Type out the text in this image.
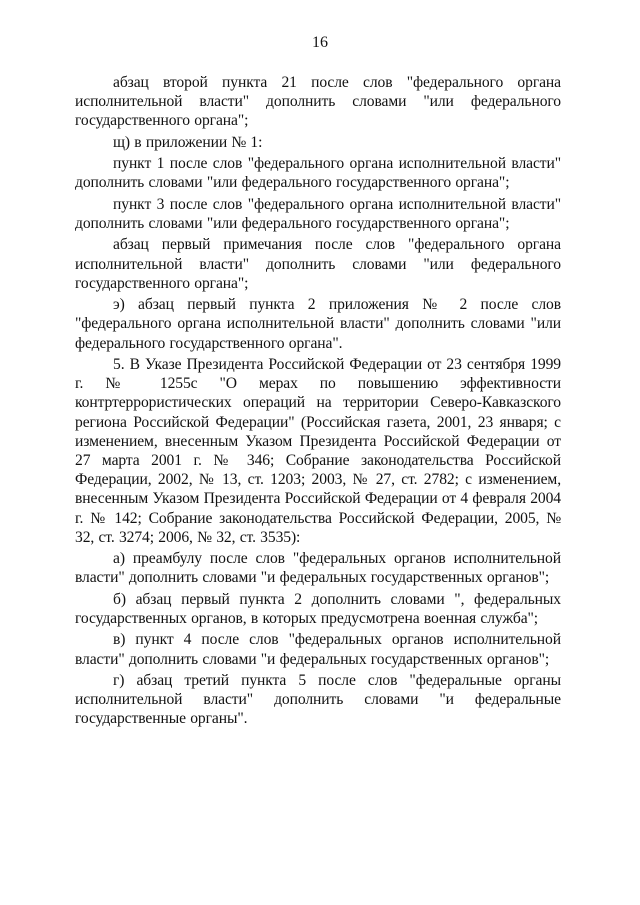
16

абзац второй пункта 21 после слов "федерального органа исполнительной власти" дополнить словами "или федерального государственного органа";

щ) в приложении № 1:

пункт 1 после слов "федерального органа исполнительной власти" дополнить словами "или федерального государственного органа";

пункт 3 после слов "федерального органа исполнительной власти" дополнить словами "или федерального государственного органа";

абзац первый примечания после слов "федерального органа исполнительной власти" дополнить словами "или федерального государственного органа";

э) абзац первый пункта 2 приложения № 2 после слов "федерального органа исполнительной власти" дополнить словами "или федерального государственного органа".

5. В Указе Президента Российской Федерации от 23 сентября 1999 г. № 1255с "О мерах по повышению эффективности контртеррористических операций на территории Северо-Кавказского региона Российской Федерации" (Российская газета, 2001, 23 января; с изменением, внесенным Указом Президента Российской Федерации от 27 марта 2001 г. № 346; Собрание законодательства Российской Федерации, 2002, № 13, ст. 1203; 2003, № 27, ст. 2782; с изменением, внесенным Указом Президента Российской Федерации от 4 февраля 2004 г. № 142; Собрание законодательства Российской Федерации, 2005, № 32, ст. 3274; 2006, № 32, ст. 3535):

а) преамбулу после слов "федеральных органов исполнительной власти" дополнить словами "и федеральных государственных органов";

б) абзац первый пункта 2 дополнить словами ", федеральных государственных органов, в которых предусмотрена военная служба";

в) пункт 4 после слов "федеральных органов исполнительной власти" дополнить словами "и федеральных государственных органов";

г) абзац третий пункта 5 после слов "федеральные органы исполнительной власти" дополнить словами "и федеральные государственные органы".
